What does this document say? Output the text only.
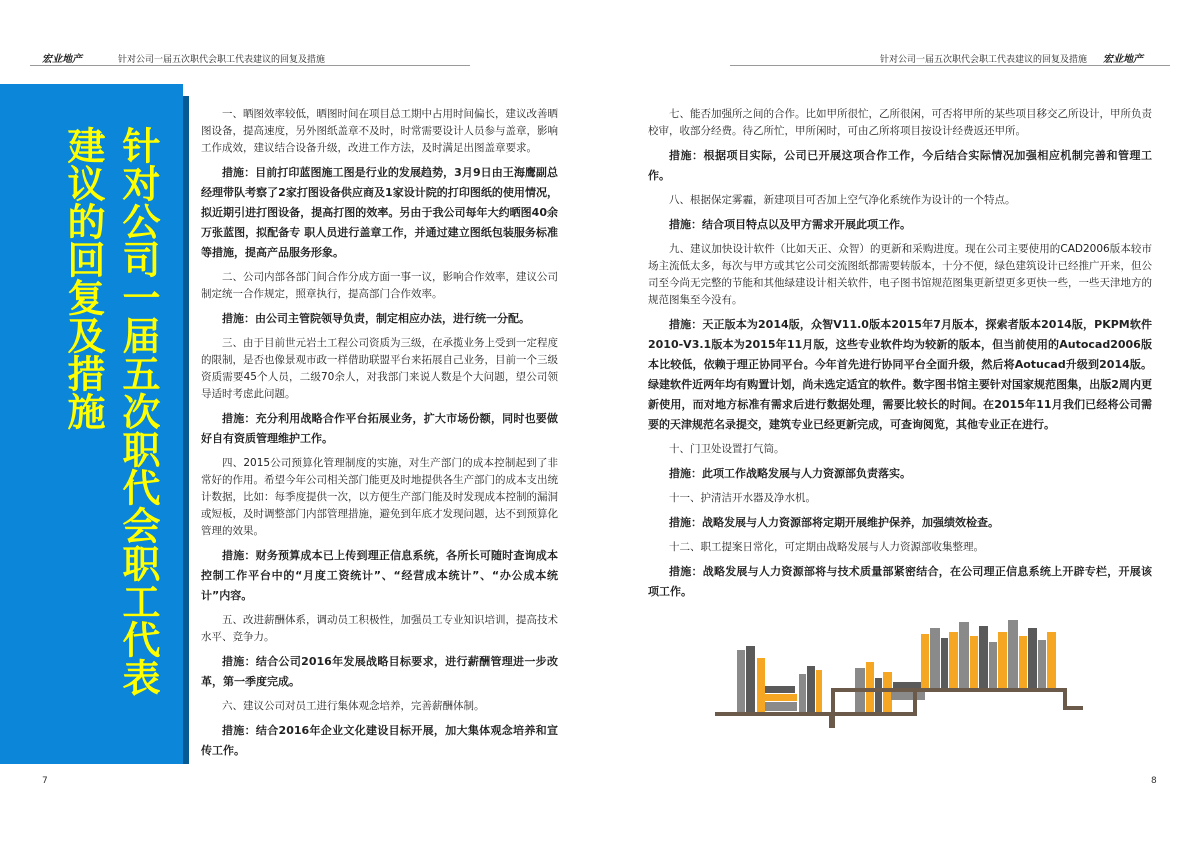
宏业地产	针对公司一届五次职代会职工代表建议的回复及措施	针对公司一届五次职代会职工代表建议的回复及措施 宏业地产
针对公司一届五次职代会职工代表
建议的回复及措施

一、晒图效率较低，晒图时间在项目总工期中占用时间偏长，建议改善晒图设备，提高速度，另外图纸盖章不及时，时常需要设计人员参与盖章，影响工作成效，建议结合设备升级，改进工作方法，及时满足出图盖章要求。

措施：目前打印蓝图施工图是行业的发展趋势，3月9日由王海鹰副总经理带队考察了2家打图设备供应商及1家设计院的打印图纸的使用情况，拟近期引进打图设备，提高打图的效率。另由于我公司每年大约晒图40余万张蓝图，拟配备专 职人员进行盖章工作，并通过建立图纸包装服务标准等措施，提高产品服务形象。

二、公司内部各部门间合作分成方面一事一议，影响合作效率，建议公司制定统一合作规定，照章执行，提高部门合作效率。

措施：由公司主管院领导负责，制定相应办法，进行统一分配。

三、由于目前世元岩土工程公司资质为三级，在承揽业务上受到一定程度的限制，是否也像景观市政一样借助联盟平台来拓展自己业务，目前一个三级资质需要45个人员，二级70余人，对我部门来说人数是个大问题，望公司领导适时考虑此问题。

措施：充分利用战略合作平台拓展业务，扩大市场份额，同时也要做好自有资质管理维护工作。

四、2015公司预算化管理制度的实施，对生产部门的成本控制起到了非常好的作用。希望今年公司相关部门能更及时地提供各生产部门的成本支出统计数据，比如：每季度提供一次，以方便生产部门能及时发现成本控制的漏洞或短板，及时调整部门内部管理措施，避免到年底才发现问题，达不到预算化管理的效果。

措施：财务预算成本已上传到理正信息系统，各所长可随时查询成本控制工作平台中的“月度工资统计”、“经营成本统计”、“办公成本统计”内容。

五、改进薪酬体系，调动员工积极性，加强员工专业知识培训，提高技术水平、竞争力。

措施：结合公司2016年发展战略目标要求，进行薪酬管理进一步改革，第一季度完成。

六、建议公司对员工进行集体观念培养，完善薪酬体制。

措施：结合2016年企业文化建设目标开展，加大集体观念培养和宣传工作。

七、能否加强所之间的合作。比如甲所很忙，乙所很闲，可否将甲所的某些项目移交乙所设计，甲所负责校审，收部分经费。待乙所忙，甲所闲时，可由乙所将项目按设计经费返还甲所。

措施：根据项目实际，公司已开展这项合作工作，今后结合实际情况加强相应机制完善和管理工作。

八、根据保定雾霾，新建项目可否加上空气净化系统作为设计的一个特点。

措施：结合项目特点以及甲方需求开展此项工作。

九、建议加快设计软件（比如天正、众智）的更新和采购进度。现在公司主要使用的CAD2006版本较市场主流低太多，每次与甲方或其它公司交流图纸都需要转版本，十分不便，绿色建筑设计已经推广开来，但公司至今尚无完整的节能和其他绿建设计相关软件，电子图书馆规范图集更新望更多更快一些，一些天津地方的规范图集至今没有。

措施：天正版本为2014版，众智V11.0版本2015年7月版本，探索者版本2014版，PKPM软件2010-V3.1版本为2015年11月版，这些专业软件均为较新的版本，但当前使用的Autocad2006版本比较低，依赖于理正协同平台。今年首先进行协同平台全面升级，然后将Aotucad升级到2014版。绿建软件近两年均有购置计划，尚未选定适宜的软件。数字图书馆主要针对国家规范图集，出版2周内更新使用，而对地方标准有需求后进行数据处理，需要比较长的时间。在2015年11月我们已经将公司需要的天津规范名录提交，建筑专业已经更新完成，可查询阅览，其他专业正在进行。

十、门卫处设置打气筒。

措施：此项工作战略发展与人力资源部负责落实。

十一、护清洁开水器及净水机。

措施：战略发展与人力资源部将定期开展维护保养，加强绩效检查。

十二、职工提案日常化，可定期由战略发展与人力资源部收集整理。

措施：战略发展与人力资源部将与技术质量部紧密结合，在公司理正信息系统上开辟专栏，开展该项工作。

7	8
